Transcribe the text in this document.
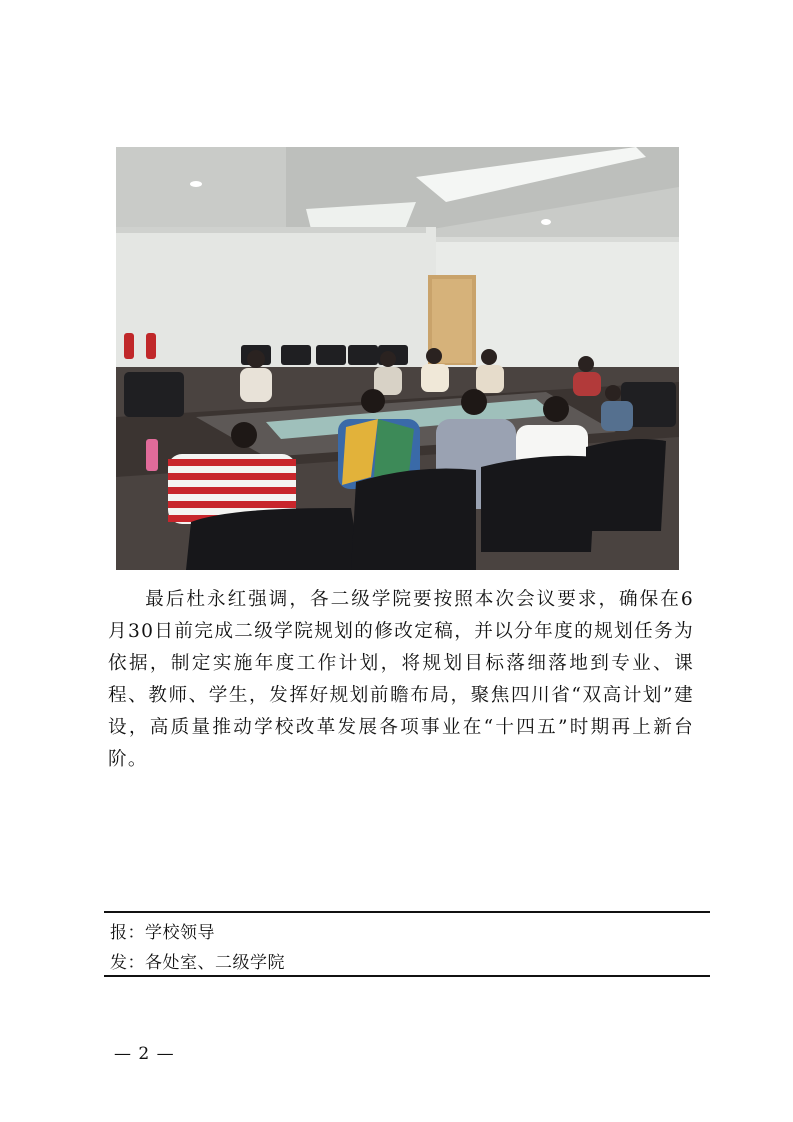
最后杜永红强调，各二级学院要按照本次会议要求，确保在6月30日前完成二级学院规划的修改定稿，并以分年度的规划任务为依据，制定实施年度工作计划，将规划目标落细落地到专业、课程、教师、学生，发挥好规划前瞻布局，聚焦四川省“双高计划”建设，高质量推动学校改革发展各项事业在“十四五”时期再上新台阶。

报：学校领导
发：各处室、二级学院
— 2 —
